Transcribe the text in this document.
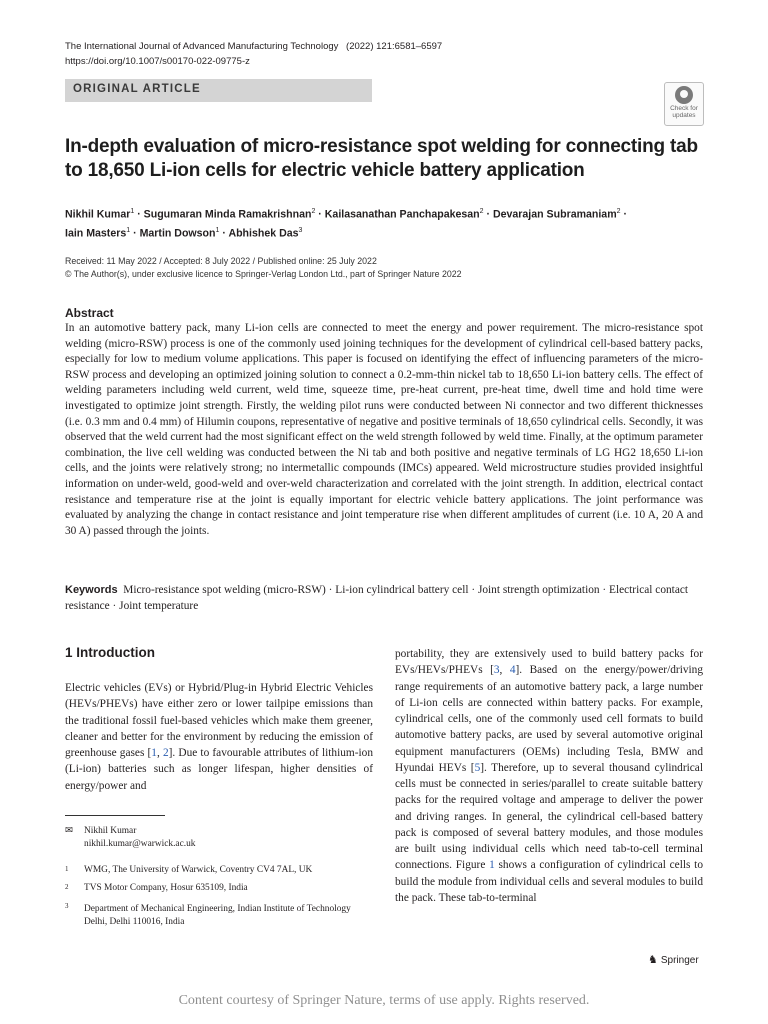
The International Journal of Advanced Manufacturing Technology (2022) 121:6581–6597
https://doi.org/10.1007/s00170-022-09775-z
ORIGINAL ARTICLE
Check for updates
In-depth evaluation of micro-resistance spot welding for connecting tab to 18,650 Li-ion cells for electric vehicle battery application
Nikhil Kumar$^1$ · Sugumaran Minda Ramakrishnan$^2$ · Kailasanathan Panchapakesan$^2$ · Devarajan Subramaniam$^2$ ·
Iain Masters$^1$ · Martin Dowson$^1$ · Abhishek Das$^3$
Received: 11 May 2022 / Accepted: 8 July 2022 / Published online: 25 July 2022
© The Author(s), under exclusive licence to Springer-Verlag London Ltd., part of Springer Nature 2022
Abstract
In an automotive battery pack, many Li-ion cells are connected to meet the energy and power requirement. The micro-resistance spot welding (micro-RSW) process is one of the commonly used joining techniques for the development of cylindrical cell-based battery packs, especially for low to medium volume applications. This paper is focused on identifying the effect of influencing parameters of the micro-RSW process and developing an optimized joining solution to connect a 0.2-mm-thin nickel tab to 18,650 Li-ion battery cells. The effect of welding parameters including weld current, weld time, squeeze time, pre-heat current, pre-heat time, dwell time and hold time were investigated to optimize joint strength. Firstly, the welding pilot runs were conducted between Ni connector and two different thicknesses (i.e. 0.3 mm and 0.4 mm) of Hilumin coupons, representative of negative and positive terminals of 18,650 cylindrical cells. Secondly, it was observed that the weld current had the most significant effect on the weld strength followed by weld time. Finally, at the optimum parameter combination, the live cell welding was conducted between the Ni tab and both positive and negative terminals of LG HG2 18,650 Li-ion cells, and the joints were relatively strong; no intermetallic compounds (IMCs) appeared. Weld microstructure studies provided insightful information on under-weld, good-weld and over-weld characterization and correlated with the joint strength. In addition, electrical contact resistance and temperature rise at the joint is equally important for electric vehicle battery applications. The joint performance was evaluated by analyzing the change in contact resistance and joint temperature rise when different amplitudes of current (i.e. 10 A, 20 A and 30 A) passed through the joints.
Keywords Micro-resistance spot welding (micro-RSW) · Li-ion cylindrical battery cell · Joint strength optimization · Electrical contact resistance · Joint temperature
1 Introduction
Electric vehicles (EVs) or Hybrid/Plug-in Hybrid Electric Vehicles (HEVs/PHEVs) have either zero or lower tailpipe emissions than the traditional fossil fuel-based vehicles which make them greener, cleaner and better for the environment by reducing the emission of greenhouse gases [1, 2]. Due to favourable attributes of lithium-ion (Li-ion) batteries such as longer lifespan, higher densities of energy/power and
portability, they are extensively used to build battery packs for EVs/HEVs/PHEVs [3, 4]. Based on the energy/power/driving range requirements of an automotive battery pack, a large number of Li-ion cells are connected within battery packs. For example, cylindrical cells, one of the commonly used cell formats to build automotive battery packs, are used by several automotive original equipment manufacturers (OEMs) including Tesla, BMW and Hyundai HEVs [5]. Therefore, up to several thousand cylindrical cells must be connected in series/parallel to create suitable battery packs for the required voltage and amperage to deliver the power and driving ranges. In general, the cylindrical cell-based battery pack is composed of several battery modules, and those modules are built using individual cells which need tab-to-cell terminal connections. Figure 1 shows a configuration of cylindrical cells to build the module from individual cells and several modules to build the pack. These tab-to-terminal
✉ Nikhil Kumar
nikhil.kumar@warwick.ac.uk
1 WMG, The University of Warwick, Coventry CV4 7AL, UK
2 TVS Motor Company, Hosur 635109, India
3 Department of Mechanical Engineering, Indian Institute of Technology Delhi, Delhi 110016, India
♞ Springer
Content courtesy of Springer Nature, terms of use apply. Rights reserved.
